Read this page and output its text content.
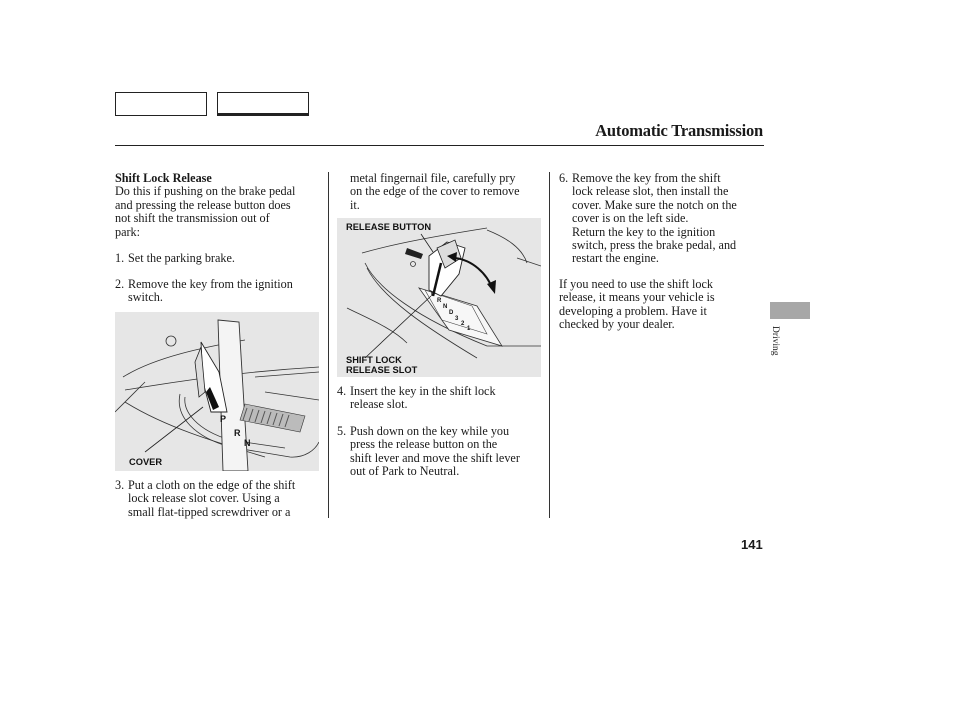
Automatic Transmission
Shift Lock Release
Do this if pushing on the brake pedal
and pressing the release button does
not shift the transmission out of
park:
1. Set the parking brake.
2. Remove the key from the ignition
switch.
P
R
N
COVER
3. Put a cloth on the edge of the shift
lock release slot cover. Using a
small flat-tipped screwdriver or a
metal fingernail file, carefully pry
on the edge of the cover to remove
it.
P
R
N
D
3
2
1
RELEASE BUTTON
SHIFT LOCK
RELEASE SLOT
4. Insert the key in the shift lock
release slot.
5. Push down on the key while you
press the release button on the
shift lever and move the shift lever
out of Park to Neutral.
6. Remove the key from the shift
lock release slot, then install the
cover. Make sure the notch on the
cover is on the left side.
Return the key to the ignition
switch, press the brake pedal, and
restart the engine.
If you need to use the shift lock
release, it means your vehicle is
developing a problem. Have it
checked by your dealer.
Driving
141
